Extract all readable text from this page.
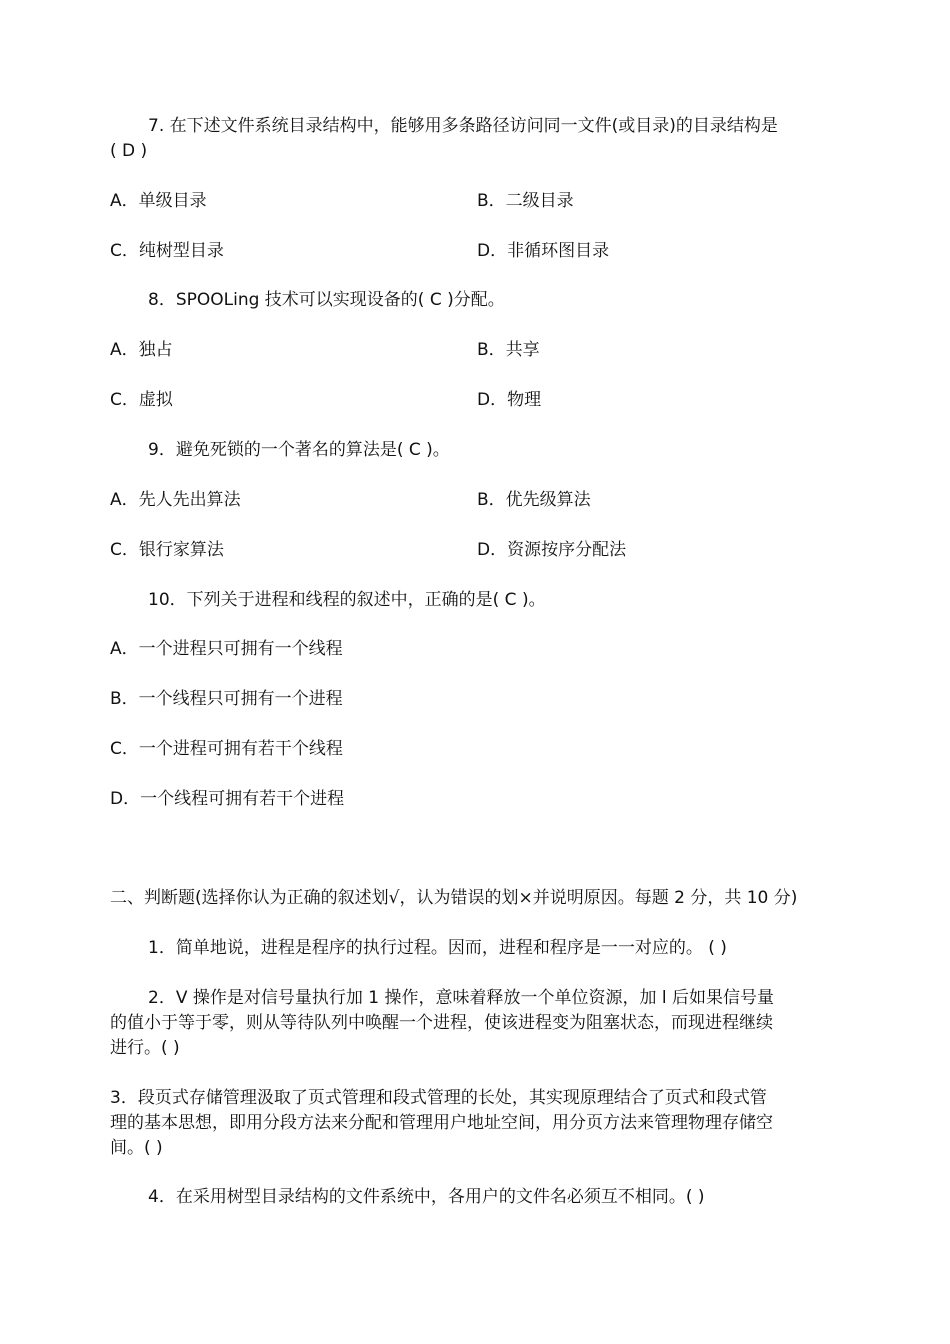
7. 在下述文件系统目录结构中，能够用多条路径访问同一文件(或目录)的目录结构是
( D )
A．单级目录	B．二级目录
C．纯树型目录	D．非循环图目录
8．SPOOLing 技术可以实现设备的( C )分配。
A．独占	B．共享
C．虚拟	D．物理
9．避免死锁的一个著名的算法是( C )。
A．先人先出算法	B．优先级算法
C．银行家算法	D．资源按序分配法
10．下列关于进程和线程的叙述中，正确的是( C )。
A．一个进程只可拥有一个线程
B．一个线程只可拥有一个进程
C．一个进程可拥有若干个线程
D．一个线程可拥有若干个进程
二、判断题(选择你认为正确的叙述划√，认为错误的划×并说明原因。每题 2 分，共 10 分)
1．简单地说，进程是程序的执行过程。因而，进程和程序是一一对应的。 ( )
2．V 操作是对信号量执行加 1 操作，意味着释放一个单位资源，加 l 后如果信号量
的值小于等于零，则从等待队列中唤醒一个进程，使该进程变为阻塞状态，而现进程继续
进行。( )
3．段页式存储管理汲取了页式管理和段式管理的长处，其实现原理结合了页式和段式管
理的基本思想，即用分段方法来分配和管理用户地址空间，用分页方法来管理物理存储空
间。( )
4．在采用树型目录结构的文件系统中，各用户的文件名必须互不相同。( )
